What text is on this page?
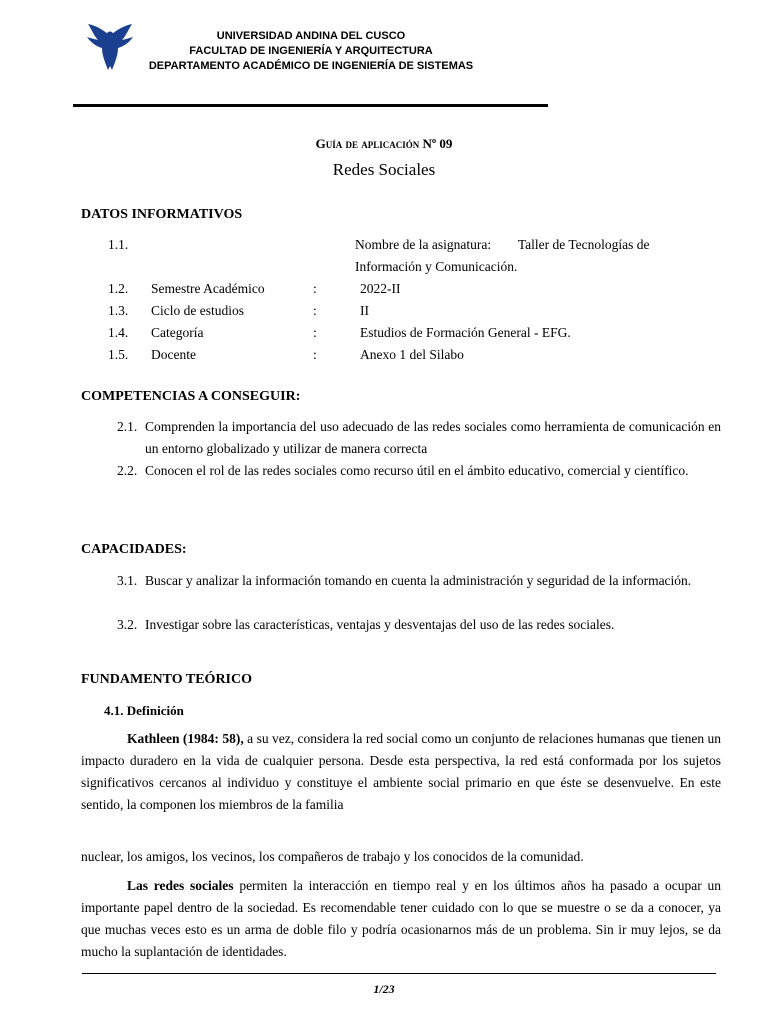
UNIVERSIDAD ANDINA DEL CUSCO
FACULTAD DE INGENIERÍA Y ARQUITECTURA
DEPARTAMENTO ACADÉMICO DE INGENIERÍA DE SISTEMAS
Guía de aplicación Nº 09
Redes Sociales
DATOS INFORMATIVOS
1.1.	Nombre de la asignatura:        Taller de Tecnologías de
Información y Comunicación.
1.2. Semestre Académico	:	2022-II
1.3. Ciclo de estudios	:	II
1.4. Categoría	:	Estudios de Formación General - EFG.
1.5. Docente	:	Anexo 1 del Silabo
COMPETENCIAS A CONSEGUIR:
2.1. Comprenden la importancia del uso adecuado de las redes sociales como herramienta de comunicación en un entorno globalizado y utilizar de manera correcta
2.2. Conocen el rol de las redes sociales como recurso útil en el ámbito educativo, comercial y científico.
CAPACIDADES:
3.1. Buscar y analizar la información tomando en cuenta la administración y seguridad de la información.
3.2. Investigar sobre las características, ventajas y desventajas del uso de las redes sociales.
FUNDAMENTO TEÓRICO
4.1. Definición
Kathleen (1984: 58), a su vez, considera la red social como un conjunto de relaciones humanas que tienen un impacto duradero en la vida de cualquier persona. Desde esta perspectiva, la red está conformada por los sujetos significativos cercanos al individuo y constituye el ambiente social primario en que éste se desenvuelve. En este sentido, la componen los miembros de la familia
nuclear, los amigos, los vecinos, los compañeros de trabajo y los conocidos de la comunidad.
Las redes sociales permiten la interacción en tiempo real y en los últimos años ha pasado a ocupar un importante papel dentro de la sociedad. Es recomendable tener cuidado con lo que se muestre o se da a conocer, ya que muchas veces esto es un arma de doble filo y podría ocasionarnos más de un problema. Sin ir muy lejos, se da mucho la suplantación de identidades.
1/23
